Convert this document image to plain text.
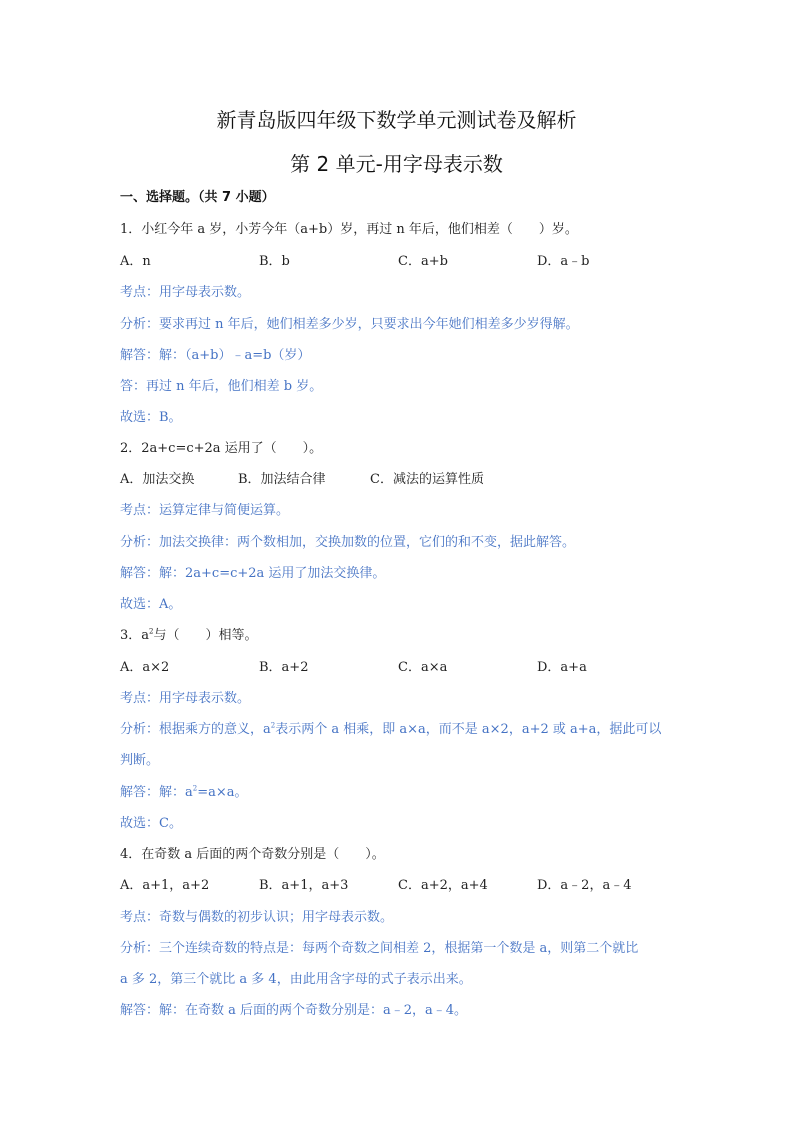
新青岛版四年级下数学单元测试卷及解析
第 2 单元-用字母表示数
一、选择题。（共 7 小题）
1．小红今年 a 岁，小芳今年（a+b）岁，再过 n 年后，他们相差（　　）岁。
A．n	B．b	C．a+b	D．a﹣b
考点：用字母表示数。
分析：要求再过 n 年后，她们相差多少岁，只要求出今年她们相差多少岁得解。
解答：解：（a+b）﹣a=b（岁）
答：再过 n 年后，他们相差 b 岁。
故选：B。
2．2a+c=c+2a 运用了（　　）。
A．加法交换	B．加法结合律	C．减法的运算性质
考点：运算定律与简便运算。
分析：加法交换律：两个数相加，交换加数的位置，它们的和不变，据此解答。
解答：解：2a+c=c+2a 运用了加法交换律。
故选：A。
3．$a^2$与（　　）相等。
A．a×2	B．a+2	C．a×a	D．a+a
考点：用字母表示数。
分析：根据乘方的意义，$a^2$表示两个 a 相乘，即 a×a，而不是 a×2，a+2 或 a+a，据此可以
判断。
解答：解：$a^2=a\times a$。
故选：C。
4．在奇数 a 后面的两个奇数分别是（　　）。
A．a+1，a+2	B．a+1，a+3	C．a+2，a+4	D．a﹣2，a﹣4
考点：奇数与偶数的初步认识；用字母表示数。
分析：三个连续奇数的特点是：每两个奇数之间相差 2，根据第一个数是 a，则第二个就比
a 多 2，第三个就比 a 多 4，由此用含字母的式子表示出来。
解答：解：在奇数 a 后面的两个奇数分别是：a﹣2，a﹣4。
